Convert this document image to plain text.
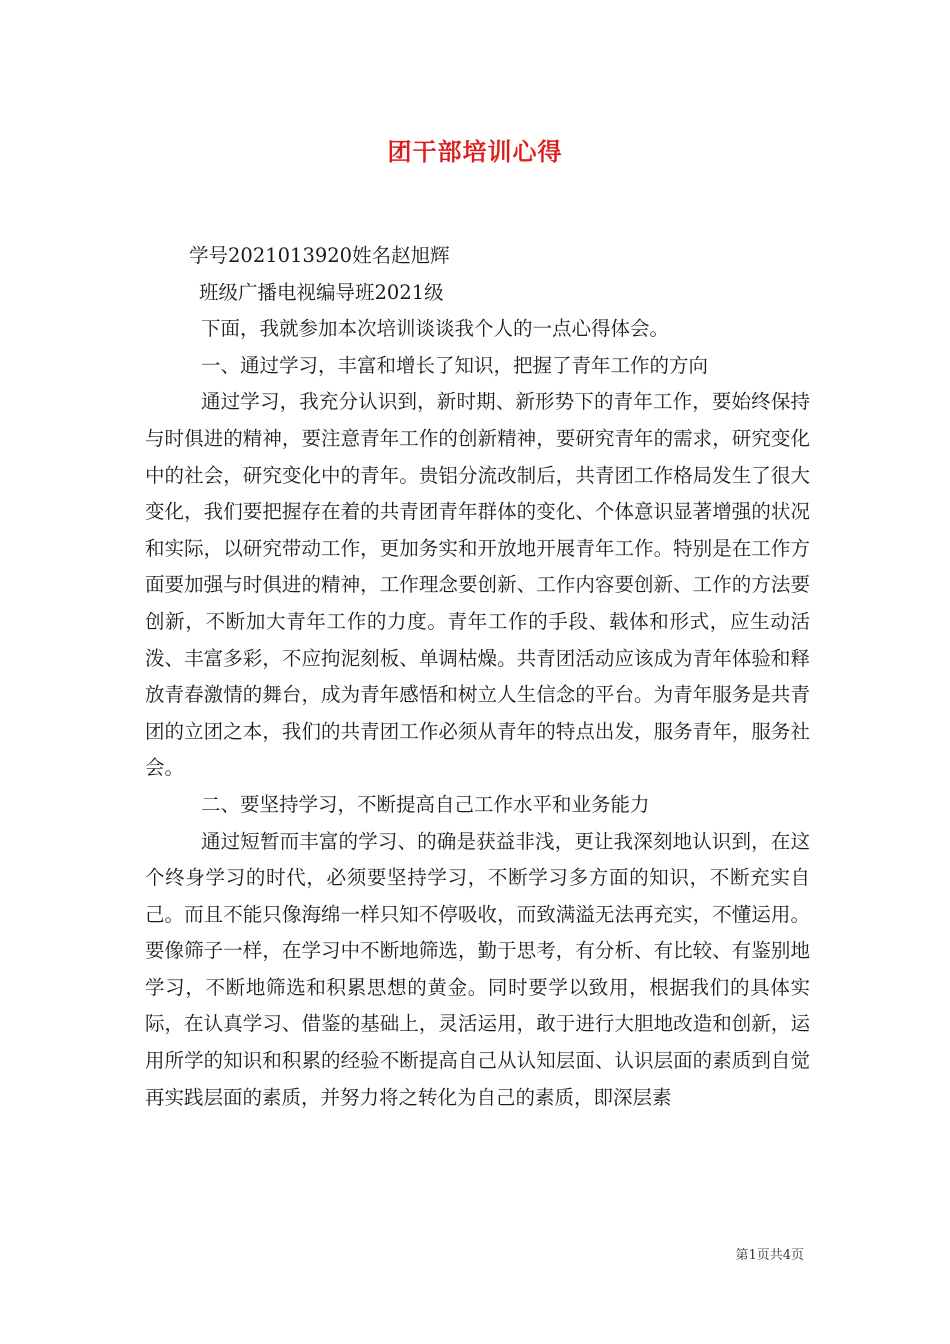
团干部培训心得
学号2021013920姓名赵旭辉
班级广播电视编导班2021级
下面，我就参加本次培训谈谈我个人的一点心得体会。
一、通过学习，丰富和增长了知识，把握了青年工作的方向

通过学习，我充分认识到，新时期、新形势下的青年工作，要始终保持与时俱进的精神，要注意青年工作的创新精神，要研究青年的需求，研究变化中的社会，研究变化中的青年。贵铝分流改制后，共青团工作格局发生了很大变化，我们要把握存在着的共青团青年群体的变化、个体意识显著增强的状况和实际，以研究带动工作，更加务实和开放地开展青年工作。特别是在工作方面要加强与时俱进的精神，工作理念要创新、工作内容要创新、工作的方法要创新，不断加大青年工作的力度。青年工作的手段、载体和形式，应生动活泼、丰富多彩，不应拘泥刻板、单调枯燥。共青团活动应该成为青年体验和释放青春激情的舞台，成为青年感悟和树立人生信念的平台。为青年服务是共青团的立团之本，我们的共青团工作必须从青年的特点出发，服务青年，服务社会。

二、要坚持学习，不断提高自己工作水平和业务能力

通过短暂而丰富的学习、的确是获益非浅，更让我深刻地认识到，在这个终身学习的时代，必须要坚持学习，不断学习多方面的知识，不断充实自己。而且不能只像海绵一样只知不停吸收，而致满溢无法再充实，不懂运用。要像筛子一样，在学习中不断地筛选，勤于思考，有分析、有比较、有鉴别地学习，不断地筛选和积累思想的黄金。同时要学以致用，根据我们的具体实际，在认真学习、借鉴的基础上，灵活运用，敢于进行大胆地改造和创新，运用所学的知识和积累的经验不断提高自己从认知层面、认识层面的素质到自觉再实践层面的素质，并努力将之转化为自己的素质，即深层素

第1页共4页
